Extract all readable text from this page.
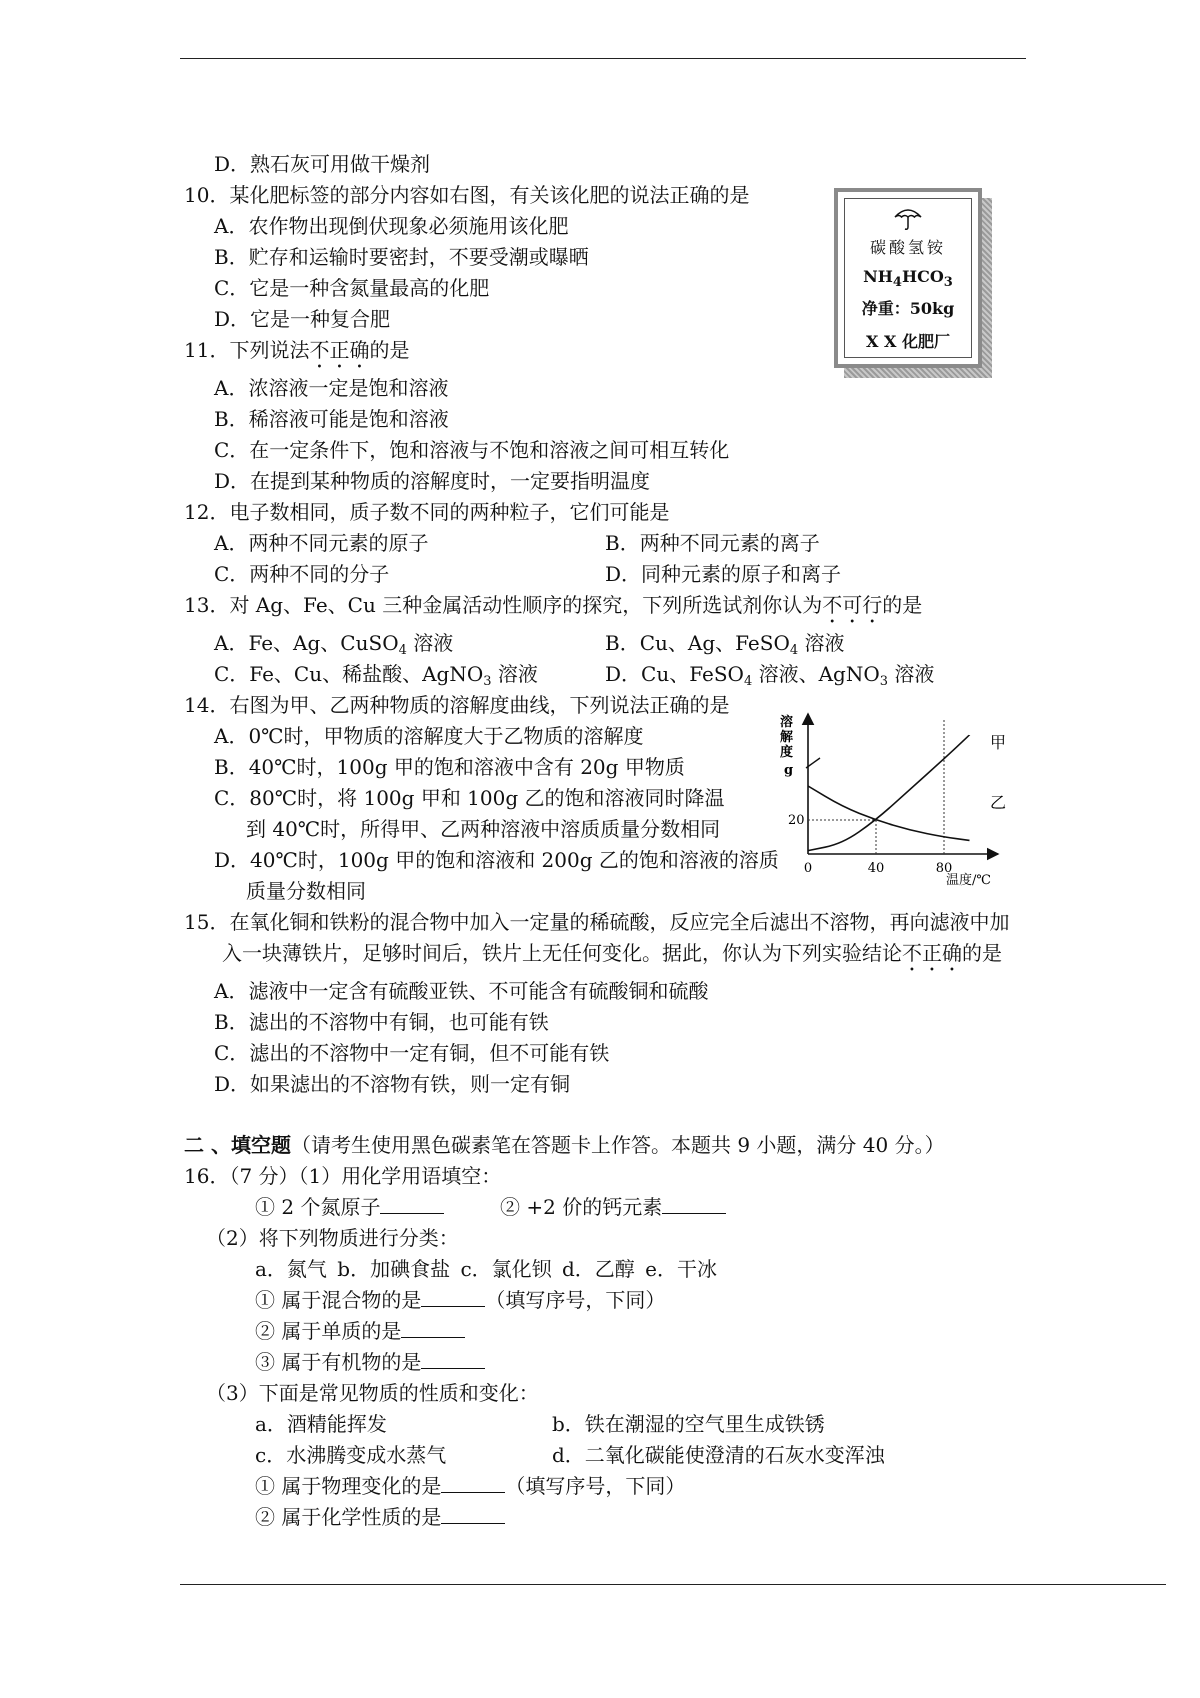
D．熟石灰可用做干燥剂
10．某化肥标签的部分内容如右图，有关该化肥的说法正确的是
A．农作物出现倒伏现象必须施用该化肥
B．贮存和运输时要密封，不要受潮或曝晒
C．它是一种含氮量最高的化肥
D．它是一种复合肥
11．下列说法不正确的是
A．浓溶液一定是饱和溶液
B．稀溶液可能是饱和溶液
C．在一定条件下，饱和溶液与不饱和溶液之间可相互转化
D．在提到某种物质的溶解度时，一定要指明温度
12．电子数相同，质子数不同的两种粒子，它们可能是
A．两种不同元素的原子	B．两种不同元素的离子
C．两种不同的分子	D．同种元素的原子和离子
13．对 Ag、Fe、Cu 三种金属活动性顺序的探究，下列所选试剂你认为不可行的是
A．Fe、Ag、CuSO$_4$ 溶液	B．Cu、Ag、FeSO$_4$ 溶液
C．Fe、Cu、稀盐酸、AgNO$_3$ 溶液	D．Cu、FeSO$_4$ 溶液、AgNO$_3$ 溶液
14．右图为甲、乙两种物质的溶解度曲线，下列说法正确的是
A．0℃时，甲物质的溶解度大于乙物质的溶解度
B．40℃时，100g 甲的饱和溶液中含有 20g 甲物质
C．80℃时，将 100g 甲和 100g 乙的饱和溶液同时降温
到 40℃时，所得甲、乙两种溶液中溶质质量分数相同
D．40℃时，100g 甲的饱和溶液和 200g 乙的饱和溶液的溶质
质量分数相同
15．在氧化铜和铁粉的混合物中加入一定量的稀硫酸，反应完全后滤出不溶物，再向滤液中加
入一块薄铁片，足够时间后，铁片上无任何变化。据此，你认为下列实验结论不正确的是
A．滤液中一定含有硫酸亚铁、不可能含有硫酸铜和硫酸
B．滤出的不溶物中有铜，也可能有铁
C．滤出的不溶物中一定有铜，但不可能有铁
D．如果滤出的不溶物有铁，则一定有铜
二 、填空题（请考生使用黑色碳素笔在答题卡上作答。本题共 9 小题，满分 40 分。）
16．（7 分）（1）用化学用语填空：
① 2 个氮原子	② +2 价的钙元素
（2）将下列物质进行分类：
a．氮气 b．加碘食盐 c．氯化钡 d．乙醇 e．干冰
① 属于混合物的是	（填写序号，下同）
② 属于单质的是
③ 属于有机物的是
（3）下面是常见物质的性质和变化：
a．酒精能挥发	b．铁在潮湿的空气里生成铁锈
c．水沸腾变成水蒸气	d．二氧化碳能使澄清的石灰水变浑浊
① 属于物理变化的是	（填写序号，下同）
② 属于化学性质的是
碳酸氢铵
$NH_4HCO_3$
净重：50kg
X X 化肥厂
温度/℃
溶
解
度
g
0	40	80
20
甲
乙
